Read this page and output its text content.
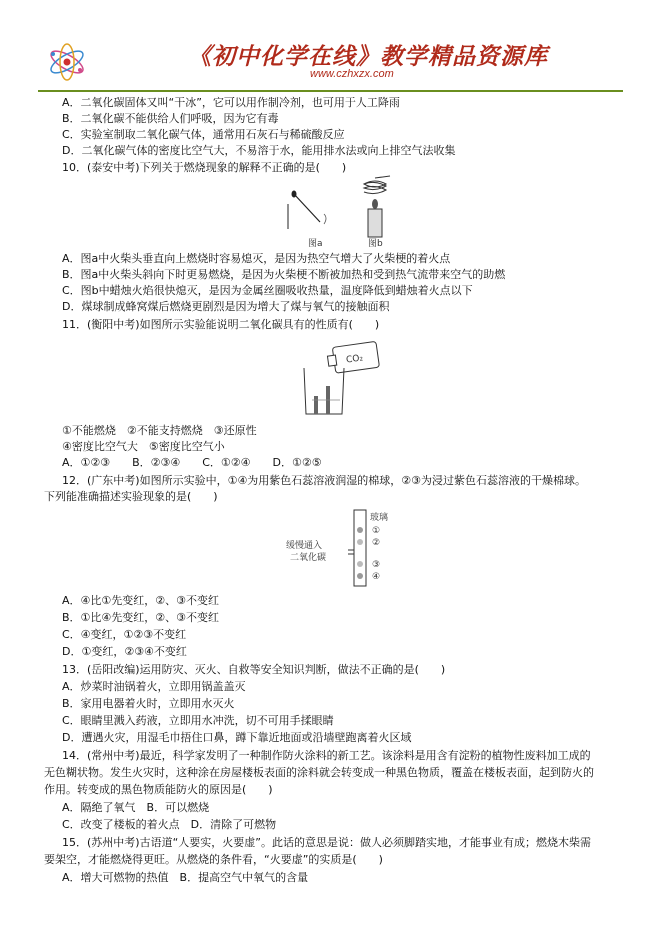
《初中化学在线》教学精品资源库
www.czhxzx.com
A．二氧化碳固体又叫“干冰”，它可以用作制冷剂，也可用于人工降雨
B．二氧化碳不能供给人们呼吸，因为它有毒
C．实验室制取二氧化碳气体，通常用石灰石与稀硫酸反应
D．二氧化碳气体的密度比空气大，不易溶于水，能用排水法或向上排空气法收集
10．(泰安中考)下列关于燃烧现象的解释不正确的是(　　)
图a	图b
A．图a中火柴头垂直向上燃烧时容易熄灭，是因为热空气增大了火柴梗的着火点
B．图a中火柴头斜向下时更易燃烧，是因为火柴梗不断被加热和受到热气流带来空气的助燃
C．图b中蜡烛火焰很快熄灭，是因为金属丝圈吸收热量，温度降低到蜡烛着火点以下
D．煤球制成蜂窝煤后燃烧更剧烈是因为增大了煤与氧气的接触面积
11．(衡阳中考)如图所示实验能说明二氧化碳具有的性质有(　　)
CO₂
①不能燃烧　②不能支持燃烧　③还原性
④密度比空气大　⑤密度比空气小
A．①②③　　B．②③④　　C．①②④　　D．①②⑤
12．(广东中考)如图所示实验中，①④为用紫色石蕊溶液润湿的棉球，②③为浸过紫色石蕊溶液的干燥棉球。
下列能准确描述实验现象的是(　　)
玻璃
①
②
③
④
缓慢通入
二氧化碳
A．④比①先变红，②、③不变红
B．①比④先变红，②、③不变红
C．④变红，①②③不变红
D．①变红，②③④不变红
13．(岳阳改编)运用防灾、灭火、自救等安全知识判断，做法不正确的是(　　)
A．炒菜时油锅着火，立即用锅盖盖灭
B．家用电器着火时，立即用水灭火
C．眼睛里溅入药液，立即用水冲洗，切不可用手揉眼睛
D．遭遇火灾，用湿毛巾捂住口鼻，蹲下靠近地面或沿墙壁跑离着火区域
14．(常州中考)最近，科学家发明了一种制作防火涂料的新工艺。该涂料是用含有淀粉的植物性废料加工成的
无色糊状物。发生火灾时，这种涂在房屋楼板表面的涂料就会转变成一种黑色物质，覆盖在楼板表面，起到防火的
作用。转变成的黑色物质能防火的原因是(　　)
A．隔绝了氧气　B．可以燃烧
C．改变了楼板的着火点　D．清除了可燃物
15．(苏州中考)古语道“人要实，火要虚”。此话的意思是说：做人必须脚踏实地，才能事业有成；燃烧木柴需
要架空，才能燃烧得更旺。从燃烧的条件看，“火要虚”的实质是(　　)
A．增大可燃物的热值　B．提高空气中氧气的含量
